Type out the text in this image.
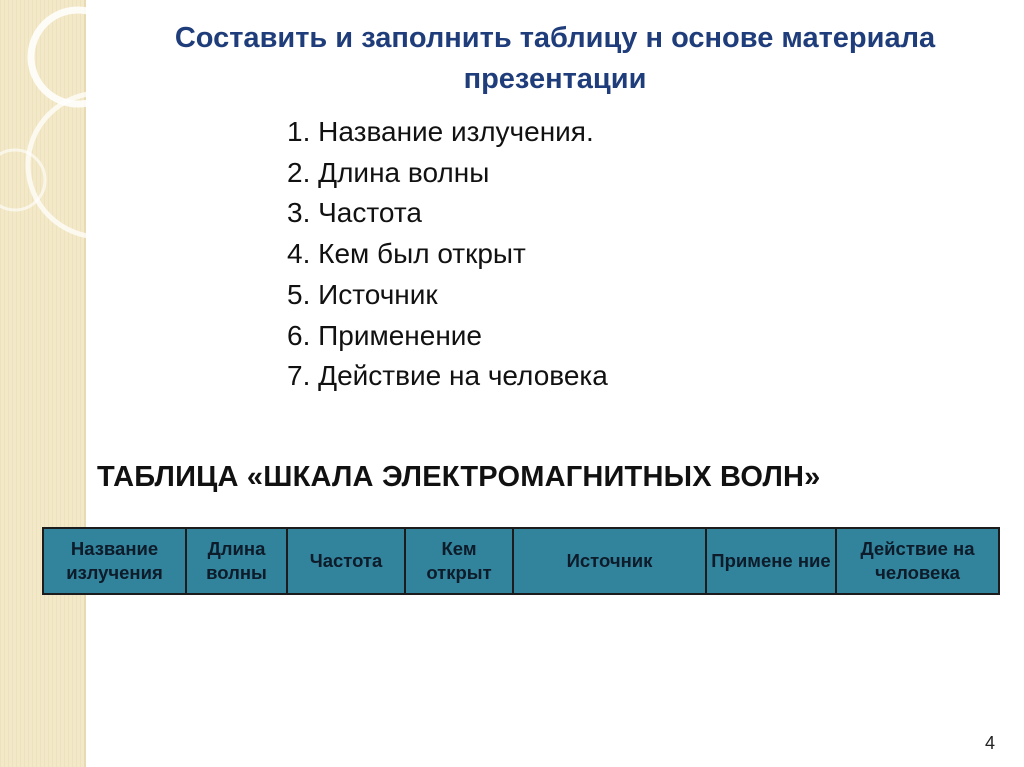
Составить и заполнить таблицу н основе материала презентации
1. Название излучения.
2. Длина волны
3. Частота
4. Кем был открыт
5. Источник
6. Применение
7. Действие на человека
ТАБЛИЦА «ШКАЛА ЭЛЕКТРОМАГНИТНЫХ ВОЛН»
Название излучения	Длина волны	Частота	Кем открыт	Источник	Примене ние	Действие на человека
4
